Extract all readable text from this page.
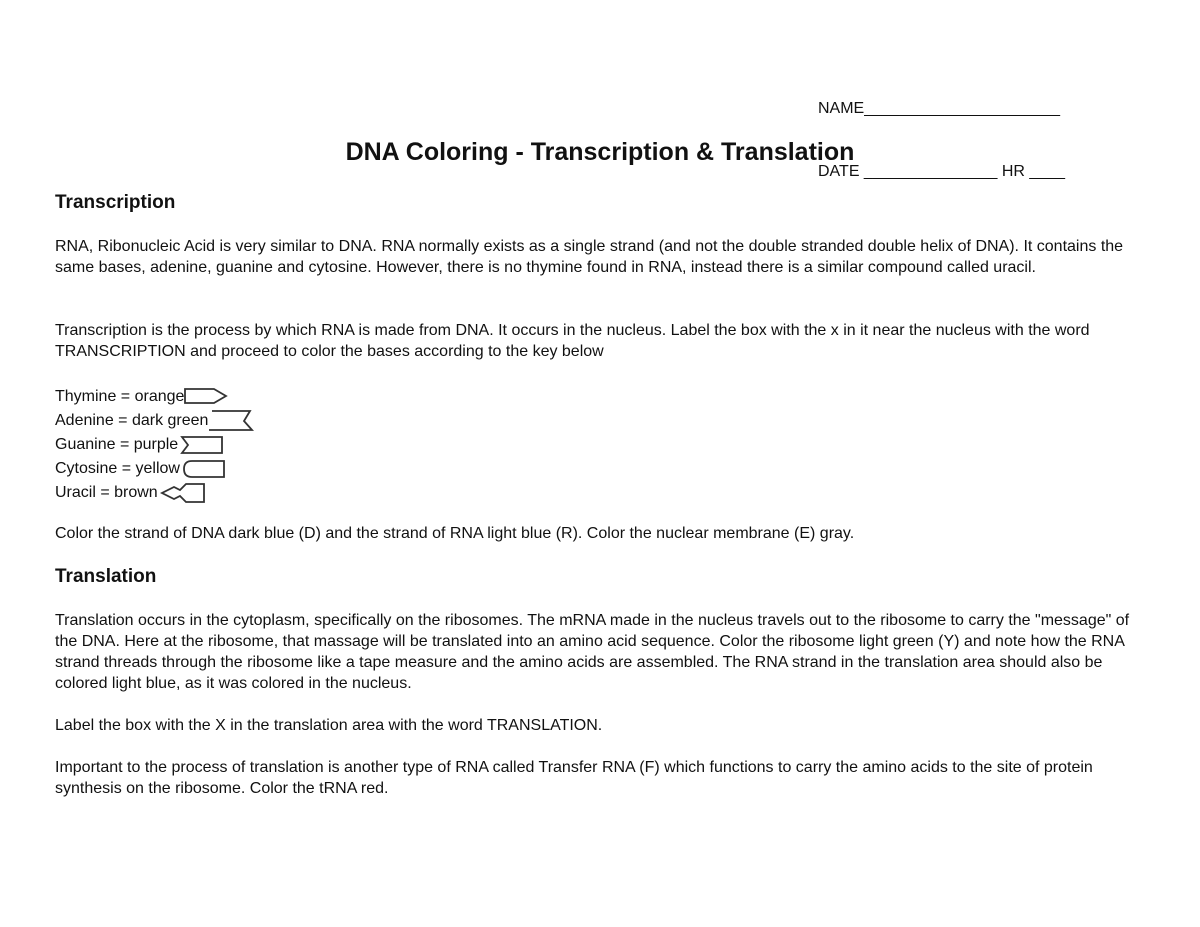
NAME______________________

DATE _______________ HR ____

DNA Coloring - Transcription & Translation
Transcription

RNA, Ribonucleic Acid is very similar to DNA. RNA normally exists as a single strand (and not the double stranded double helix of DNA). It contains the same bases, adenine, guanine and cytosine. However, there is no thymine found in RNA, instead there is a similar compound called uracil.

Transcription is the process by which RNA is made from DNA. It occurs in the nucleus. Label the box with the x in it near the nucleus with the word TRANSCRIPTION and proceed to color the bases according to the key below

Thymine = orange
Adenine = dark green
Guanine = purple
Cytosine = yellow
Uracil = brown

Color the strand of DNA dark blue (D) and the strand of RNA light blue (R). Color the nuclear membrane (E) gray.

Translation

Translation occurs in the cytoplasm, specifically on the ribosomes. The mRNA made in the nucleus travels out to the ribosome to carry the "message" of the DNA. Here at the ribosome, that massage will be translated into an amino acid sequence. Color the ribosome light green (Y) and note how the RNA strand threads through the ribosome like a tape measure and the amino acids are assembled. The RNA strand in the translation area should also be colored light blue, as it was colored in the nucleus.

Label the box with the X in the translation area with the word TRANSLATION.

Important to the process of translation is another type of RNA called Transfer RNA (F) which functions to carry the amino acids to the site of protein synthesis on the ribosome. Color the tRNA red.
